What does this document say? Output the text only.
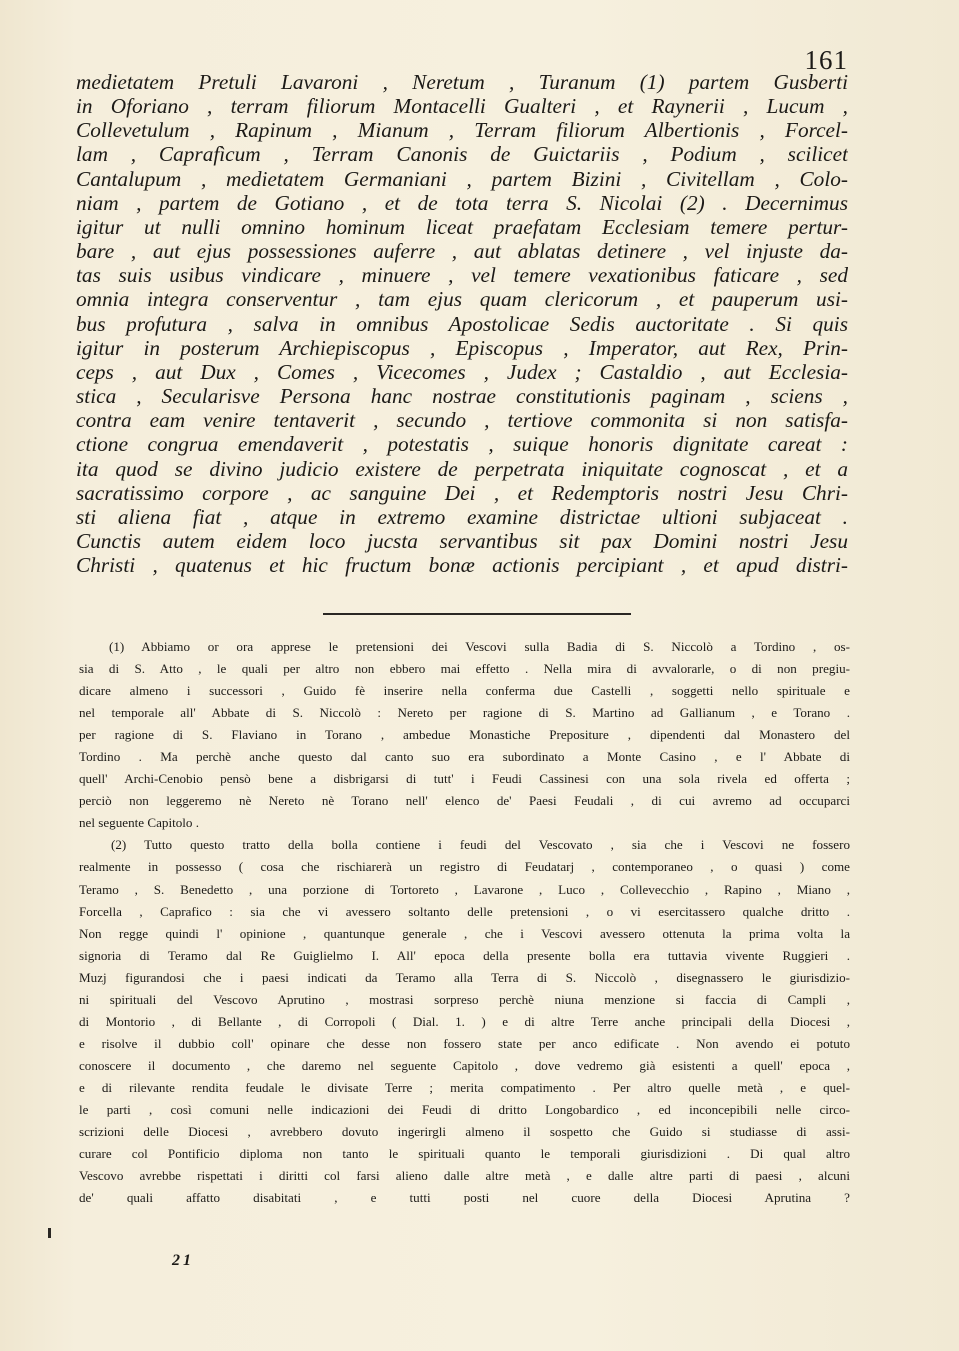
161
medietatem Pretuli Lavaroni , Neretum , Turanum (1) partem Gusberti
in Oforiano , terram filiorum Montacelli Gualteri , et Raynerii , Lucum ,
Collevetulum , Rapinum , Mianum , Terram filiorum Albertionis , Forcel-
lam , Caprafìcum , Terram Canonis de Guictariis , Podium , scilicet
Cantalupum , medietatem Germaniani , partem Bizini , Civitellam , Colo-
niam , partem de Gotiano , et de tota terra S. Nicolai (2) . Decernimus
igitur ut nulli omnino hominum liceat praefatam Ecclesiam temere pertur-
bare , aut ejus possessiones auferre , aut ablatas detinere , vel injuste da-
tas suis usibus vindicare , minuere , vel temere vexationibus faticare , sed
omnia integra conserventur , tam ejus quam clericorum , et pauperum usi-
bus profutura , salva in omnibus Apostolicae Sedis auctoritate . Si quis
igitur in posterum Archiepiscopus , Episcopus , Imperator, aut Rex, Prin-
ceps , aut Dux , Comes , Vicecomes , Judex ; Castaldio , aut Ecclesia-
stica , Secularisve Persona hanc nostrae constitutionis paginam , sciens ,
contra eam venire tentaverit , secundo , tertiove commonita si non satisfa-
ctione congrua emendaverit , potestatis , suique honoris dignitate careat :
ita quod se divino judicio existere de perpetrata iniquitate cognoscat , et a
sacratissimo corpore , ac sanguine Dei , et Redemptoris nostri Jesu Chri-
sti aliena fiat , atque in extremo examine districtae ultioni subjaceat .
Cunctis autem eidem loco jucsta servantibus sit pax Domini nostri Jesu
Christi , quatenus et hic fructum bonæ actionis percipiant , et apud distri-
(1) Abbiamo or ora apprese le pretensioni dei Vescovi sulla Badia di S. Niccolò a Tordino , os-
sia di S. Atto , le quali per altro non ebbero mai effetto . Nella mira di avvalorarle, o di non pregiu-
dicare almeno i successori , Guido fè inserire nella conferma due Castelli , soggetti nello spirituale e
nel temporale all' Abbate di S. Niccolò : Nereto per ragione di S. Martino ad Gallianum , e Torano .
per ragione di S. Flaviano in Torano , ambedue Monastiche Prepositure , dipendenti dal Monastero del
Tordino . Ma perchè anche questo dal canto suo era subordinato a Monte Casino , e l' Abbate di
quell' Archi-Cenobio pensò bene a disbrigarsi di tutt' i Feudi Cassinesi con una sola rivela ed offerta ;
perciò non leggeremo nè Nereto nè Torano nell' elenco de' Paesi Feudali , di cui avremo ad occuparci
nel seguente Capitolo .
(2) Tutto questo tratto della bolla contiene i feudi del Vescovato , sia che i Vescovi ne fossero
realmente in possesso ( cosa che rischiarerà un registro di Feudatarj , contemporaneo , o quasi ) come
Teramo , S. Benedetto , una porzione di Tortoreto , Lavarone , Luco , Collevecchio , Rapino , Miano ,
Forcella , Caprafico : sia che vi avessero soltanto delle pretensioni , o vi esercitassero qualche dritto .
Non regge quindi l' opinione , quantunque generale , che i Vescovi avessero ottenuta la prima volta la
signoria di Teramo dal Re Guiglielmo I. All' epoca della presente bolla era tuttavia vivente Ruggieri .
Muzj figurandosi che i paesi indicati da Teramo alla Terra di S. Niccolò , disegnassero le giurisdizio-
ni spirituali del Vescovo Aprutino , mostrasi sorpreso perchè niuna menzione si faccia di Campli ,
di Montorio , di Bellante , di Corropoli ( Dial. 1. ) e di altre Terre anche principali della Diocesi ,
e risolve il dubbio coll' opinare che desse non fossero state per anco edificate . Non avendo ei potuto
conoscere il documento , che daremo nel seguente Capitolo , dove vedremo già esistenti a quell' epoca ,
e di rilevante rendita feudale le divisate Terre ; merita compatimento . Per altro quelle metà , e quel-
le parti , così comuni nelle indicazioni dei Feudi di dritto Longobardico , ed inconcepibili nelle circo-
scrizioni delle Diocesi , avrebbero dovuto ingerirgli almeno il sospetto che Guido si studiasse di assi-
curare col Pontificio diploma non tanto le spirituali quanto le temporali giurisdizioni . Di qual altro
Vescovo avrebbe rispettati i diritti col farsi alieno dalle altre metà , e dalle altre parti di paesi , alcuni
de' quali affatto disabitati , e tutti posti nel cuore della Diocesi Aprutina ?
21
